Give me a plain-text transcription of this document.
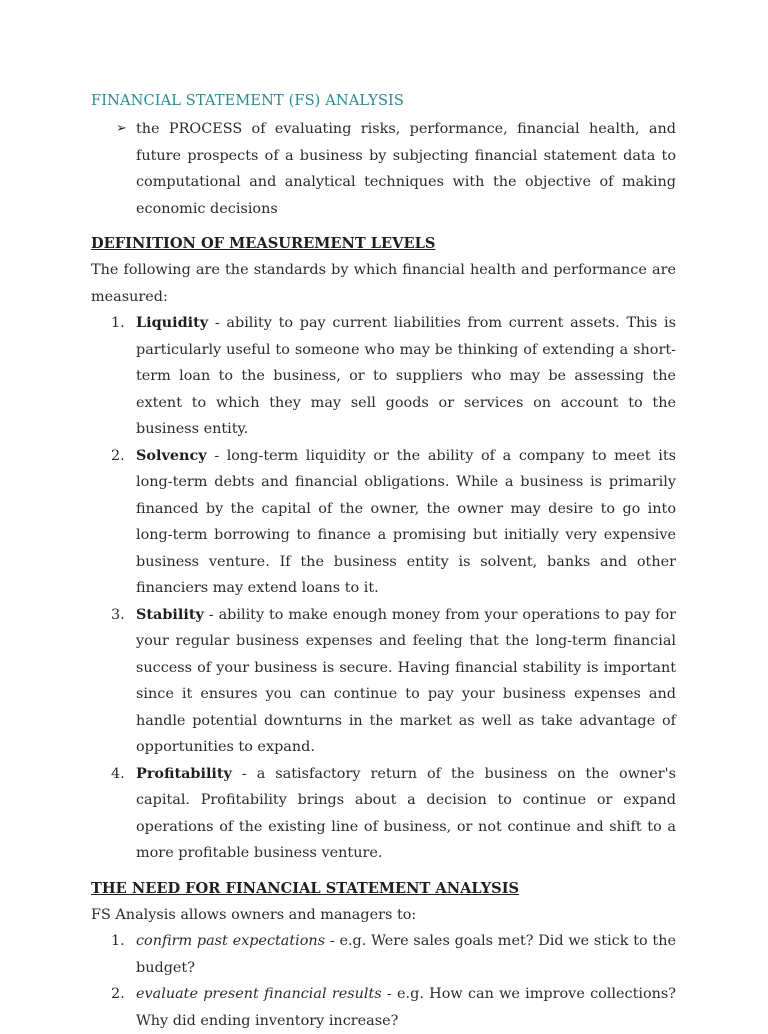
FINANCIAL STATEMENT (FS) ANALYSIS
➢ the PROCESS of evaluating risks, performance, financial health, and future prospects of a business by subjecting financial statement data to computational and analytical techniques with the objective of making economic decisions
DEFINITION OF MEASUREMENT LEVELS

The following are the standards by which financial health and performance are measured:

1. Liquidity - ability to pay current liabilities from current assets. This is particularly useful to someone who may be thinking of extending a short-term loan to the business, or to suppliers who may be assessing the extent to which they may sell goods or services on account to the business entity.
2. Solvency - long-term liquidity or the ability of a company to meet its long-term debts and financial obligations. While a business is primarily financed by the capital of the owner, the owner may desire to go into long-term borrowing to finance a promising but initially very expensive business venture. If the business entity is solvent, banks and other financiers may extend loans to it.
3. Stability - ability to make enough money from your operations to pay for your regular business expenses and feeling that the long-term financial success of your business is secure. Having financial stability is important since it ensures you can continue to pay your business expenses and handle potential downturns in the market as well as take advantage of opportunities to expand.
4. Profitability - a satisfactory return of the business on the owner's capital. Profitability brings about a decision to continue or expand operations of the existing line of business, or not continue and shift to a more profitable business venture.
THE NEED FOR FINANCIAL STATEMENT ANALYSIS

FS Analysis allows owners and managers to:

1. confirm past expectations - e.g. Were sales goals met? Did we stick to the budget?
2. evaluate present financial results - e.g. How can we improve collections? Why did ending inventory increase?
